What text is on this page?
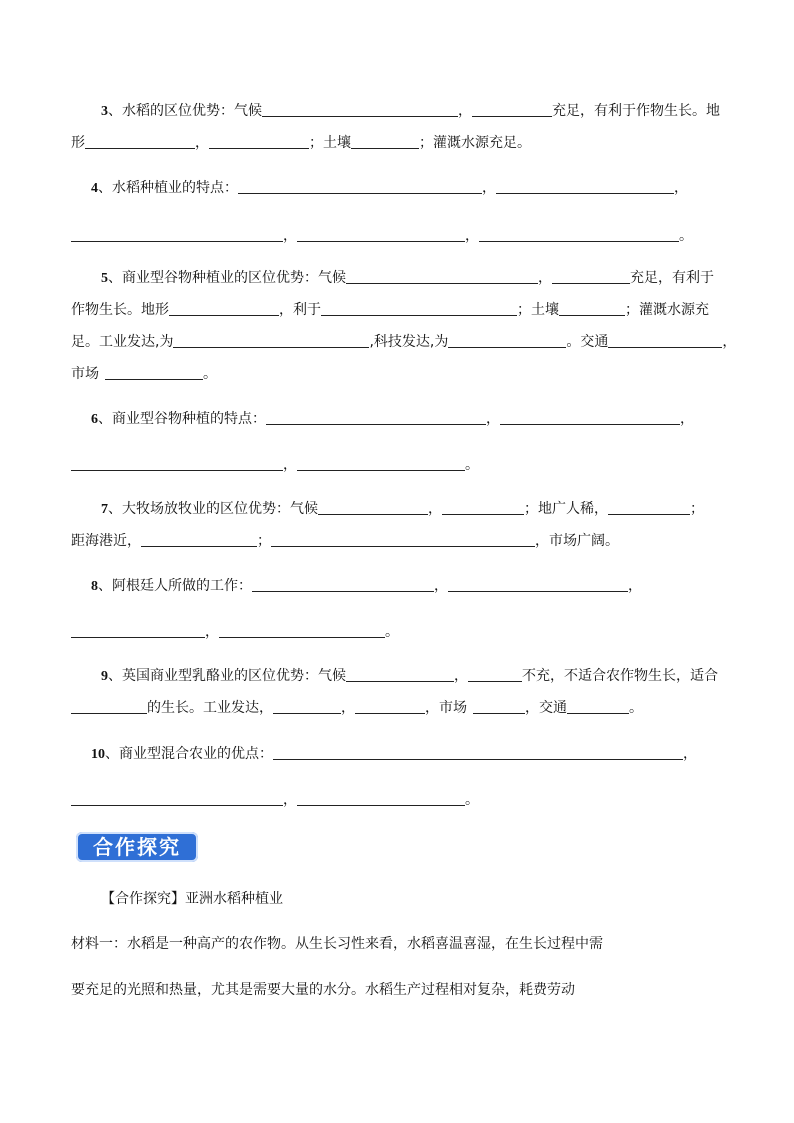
3、水稻的区位优势：气候	，	充足，有利于作物生长。地
形	，	；土壤	；灌溉水源充足。
4、水稻种植业的特点：	，	，
，	，	。
5、商业型谷物种植业的区位优势：气候	，	充足，有利于
作物生长。地形	，利于	；土壤	；灌溉水源充
足。工业发达,为	,科技发达,为	。交通	，
市场	。
6、商业型谷物种植的特点：	，	，
，	。
7、大牧场放牧业的区位优势：气候	，	；地广人稀，	；
距海港近，	；	，市场广阔。
8、阿根廷人所做的工作：	，	，
，	。
9、英国商业型乳酪业的区位优势：气候	，	不充，不适合农作物生长，适合
的生长。工业发达，	，	，市场	，交通	。
10、商业型混合农业的优点：	，
，	。
合作探究
【合作探究】亚洲水稻种植业
材料一：水稻是一种高产的农作物。从生长习性来看，水稻喜温喜湿，在生长过程中需
要充足的光照和热量，尤其是需要大量的水分。水稻生产过程相对复杂，耗费劳动
